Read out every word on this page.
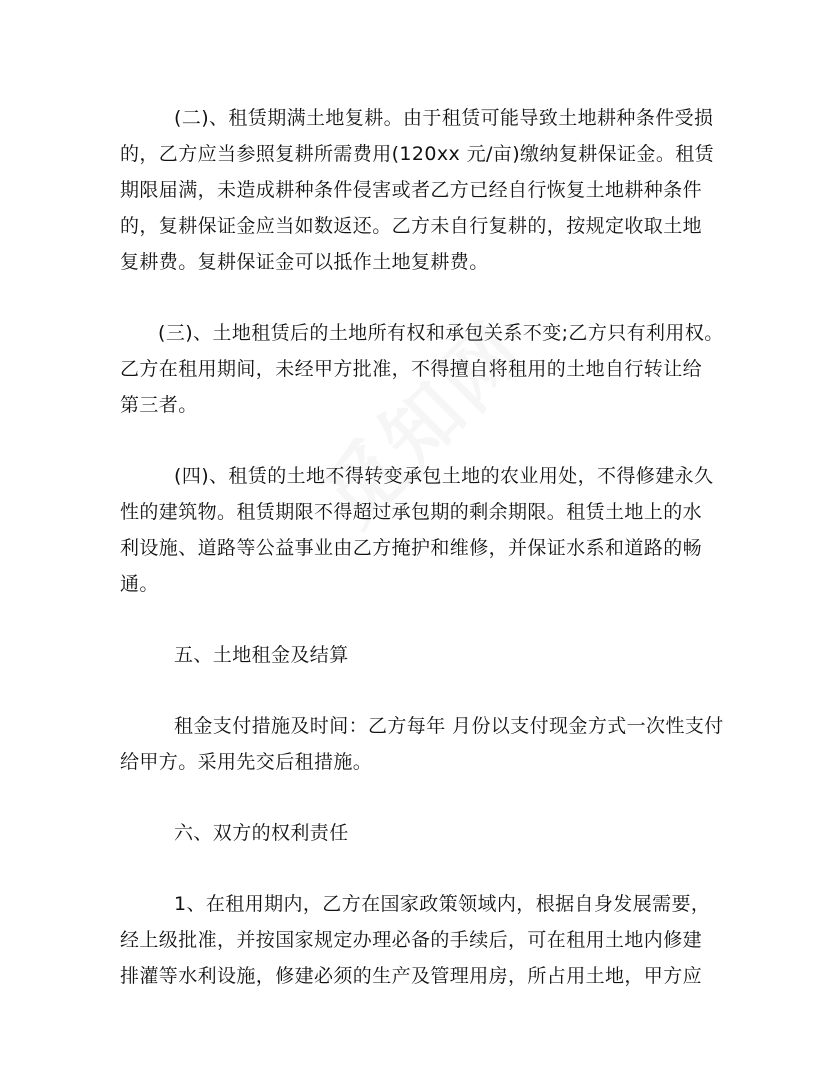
(二)、租赁期满土地复耕。由于租赁可能导致土地耕种条件受损
的，乙方应当参照复耕所需费用(120xx 元/亩)缴纳复耕保证金。租赁
期限届满，未造成耕种条件侵害或者乙方已经自行恢复土地耕种条件
的，复耕保证金应当如数返还。乙方未自行复耕的，按规定收取土地
复耕费。复耕保证金可以抵作土地复耕费。

(三)、土地租赁后的土地所有权和承包关系不变;乙方只有利用权。
乙方在租用期间，未经甲方批准，不得擅自将租用的土地自行转让给
第三者。

(四)、租赁的土地不得转变承包土地的农业用处，不得修建永久
性的建筑物。租赁期限不得超过承包期的剩余期限。租赁土地上的水
利设施、道路等公益事业由乙方掩护和维修，并保证水系和道路的畅
通。

五、土地租金及结算

租金支付措施及时间：乙方每年 月份以支付现金方式一次性支付
给甲方。采用先交后租措施。

六、双方的权利责任

1、在租用期内，乙方在国家政策领域内，根据自身发展需要，
经上级批准，并按国家规定办理必备的手续后，可在租用土地内修建
排灌等水利设施，修建必须的生产及管理用房，所占用土地，甲方应
